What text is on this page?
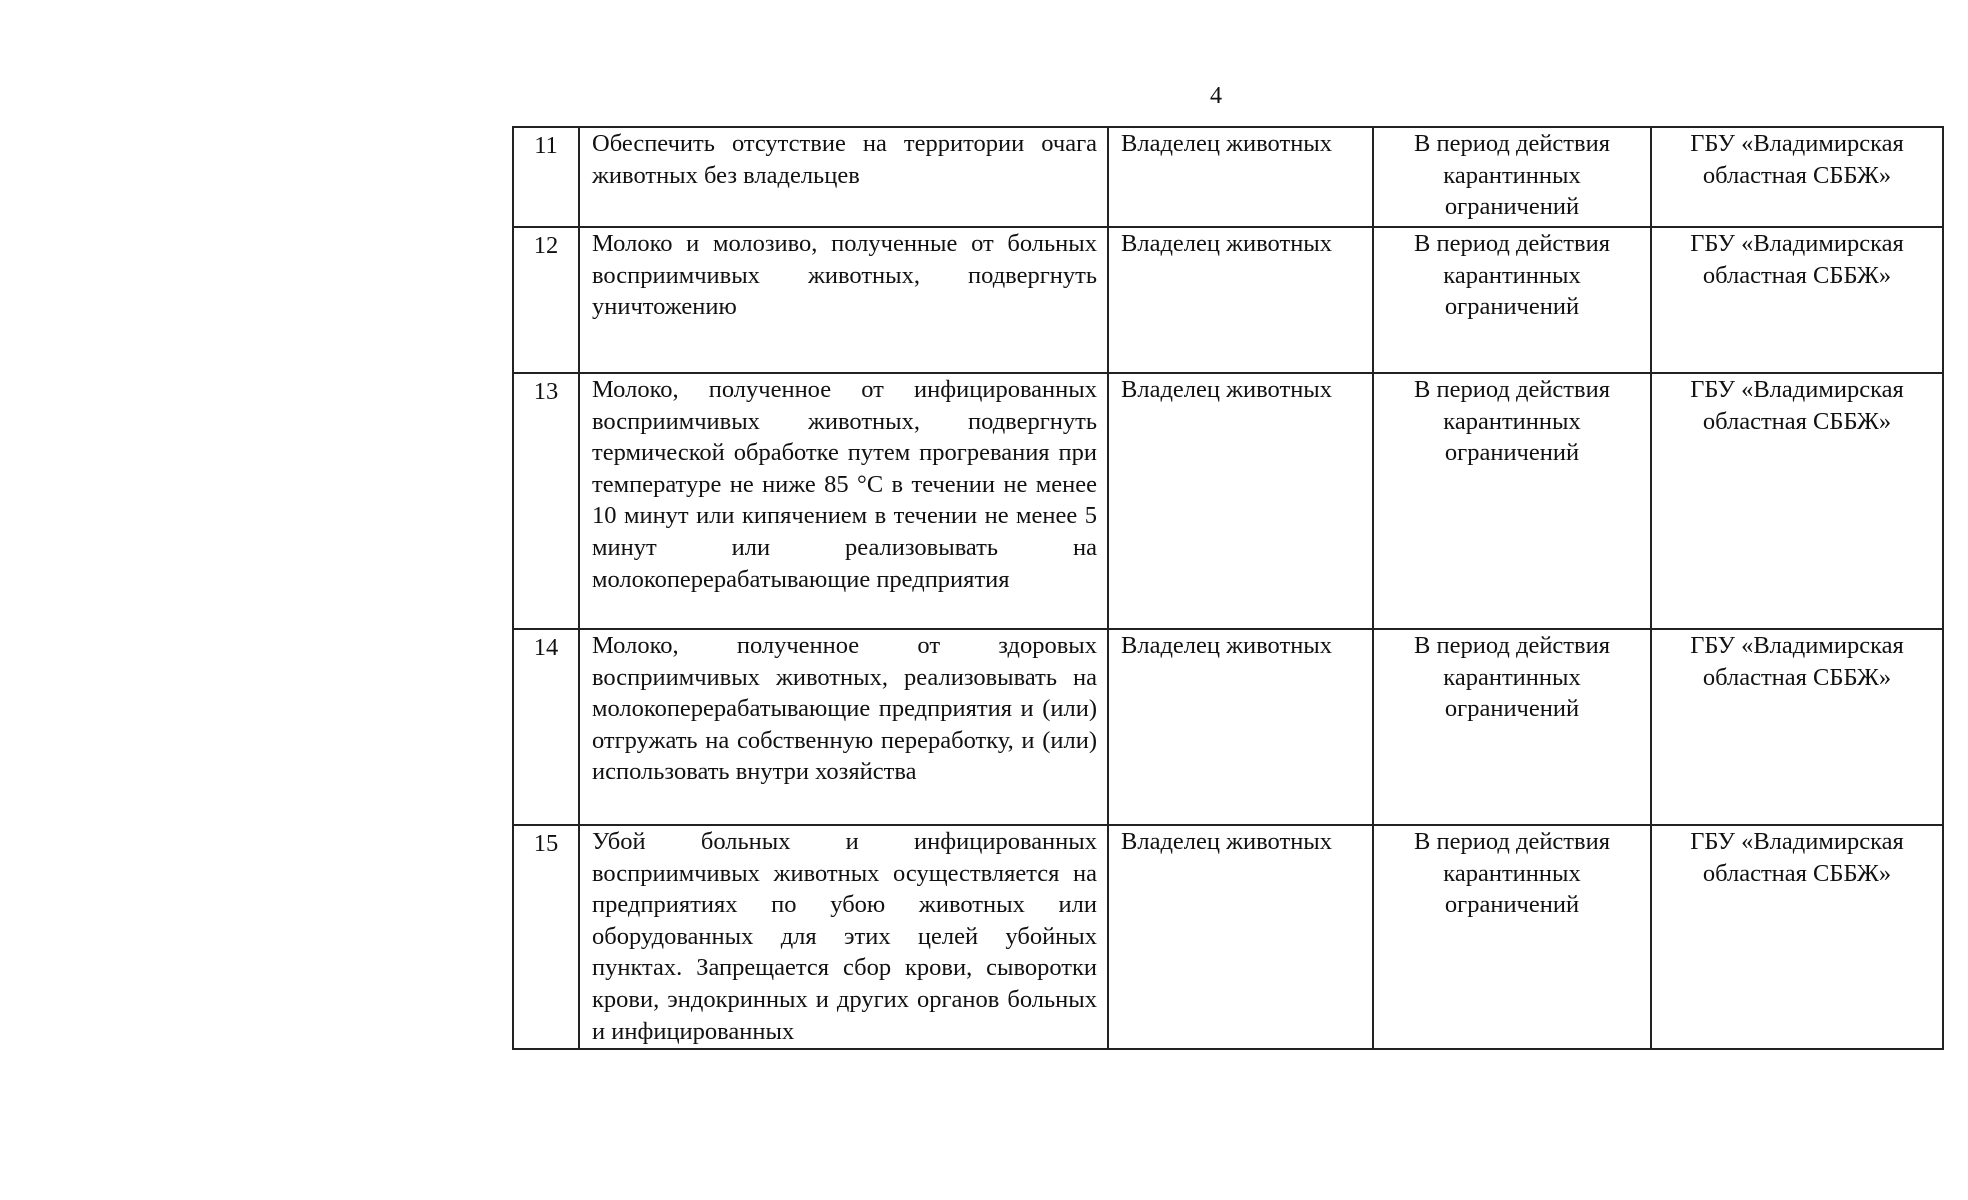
4
11	Обеспечить отсутствие на территории очага животных без владельцев	Владелец животных	В период действия карантинных ограничений	ГБУ «Владимирская областная СББЖ»

12	Молоко и молозиво, полученные от больных восприимчивых животных, подвергнуть уничтожению	Владелец животных	В период действия карантинных ограничений	ГБУ «Владимирская областная СББЖ»

13	Молоко, полученное от инфицированных восприимчивых животных, подвергнуть термической обработке путем прогревания при температуре не ниже 85 °С в течении не менее 10 минут или кипячением в течении не менее 5 минут или реализовывать на молокоперерабатывающие предприятия	Владелец животных	В период действия карантинных ограничений	ГБУ «Владимирская областная СББЖ»

14	Молоко, полученное от здоровых восприимчивых животных, реализовывать на молокоперерабатывающие предприятия и (или) отгружать на собственную переработку, и (или) использовать внутри хозяйства	Владелец животных	В период действия карантинных ограничений	ГБУ «Владимирская областная СББЖ»

15	Убой больных и инфицированных восприимчивых животных осуществляется на предприятиях по убою животных или оборудованных для этих целей убойных пунктах. Запрещается сбор крови, сыворотки крови, эндокринных и других органов больных и инфицированных	Владелец животных	В период действия карантинных ограничений	ГБУ «Владимирская областная СББЖ»
